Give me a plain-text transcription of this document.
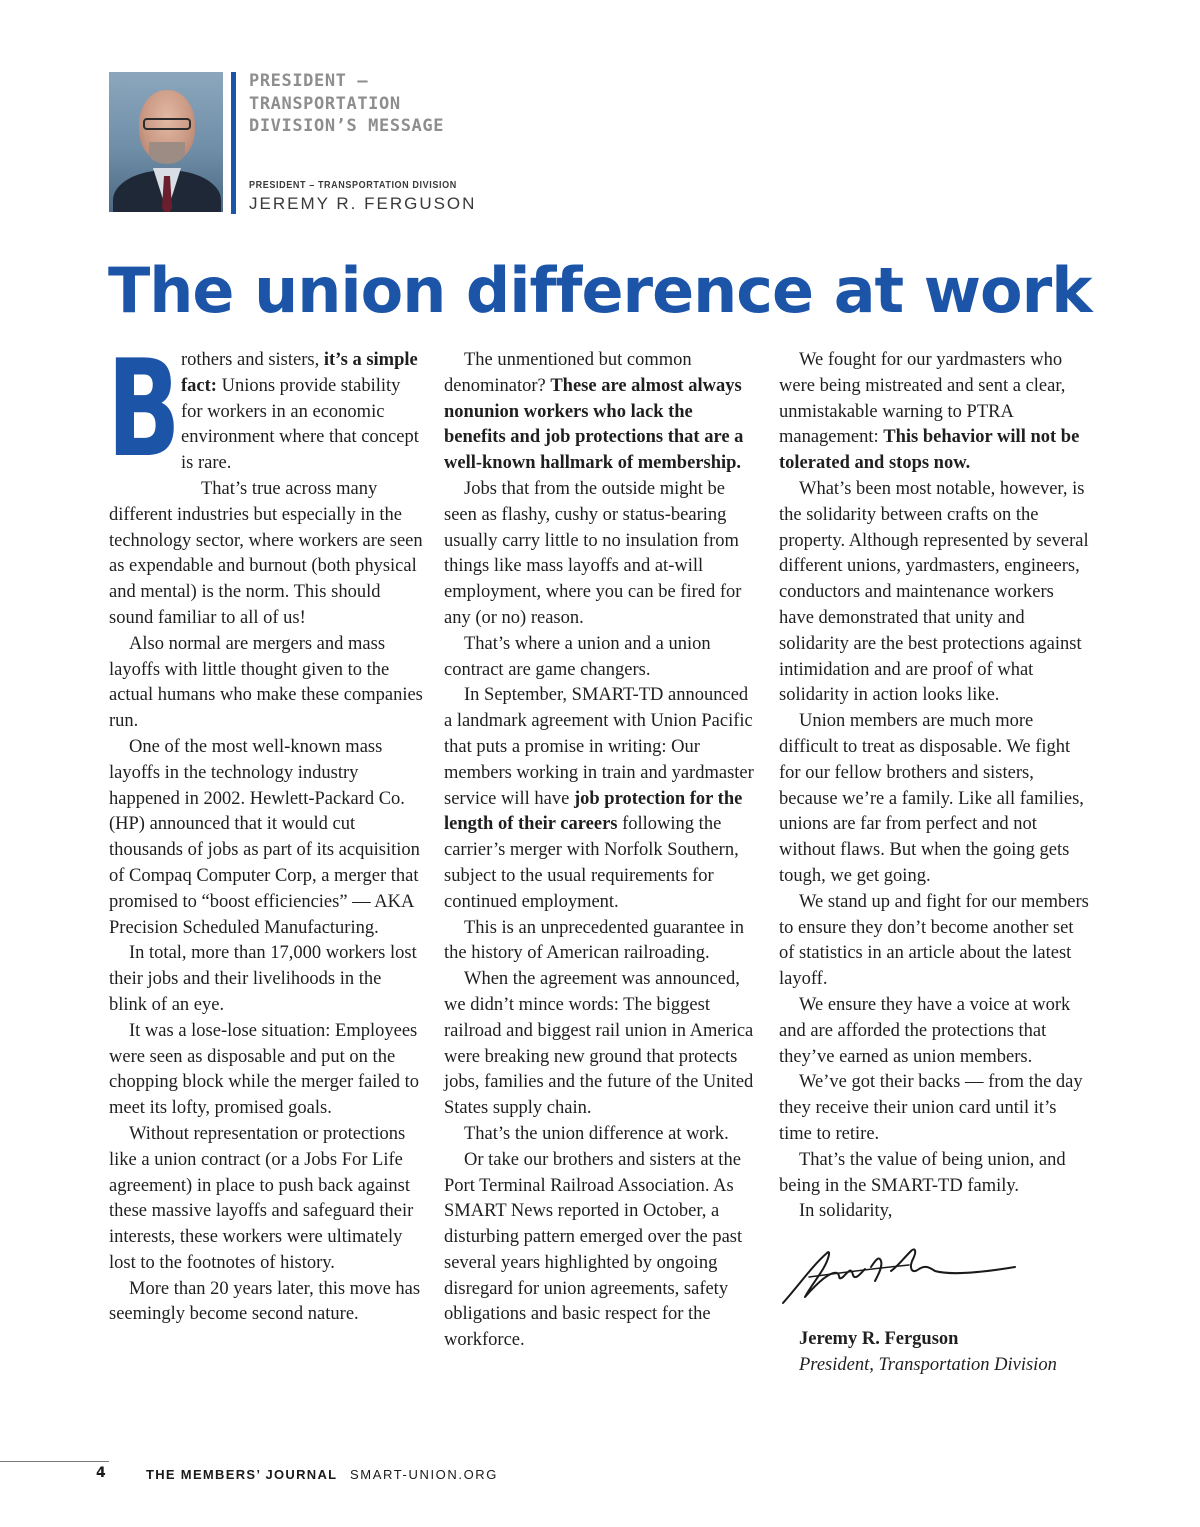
PRESIDENT – TRANSPORTATION DIVISION’S MESSAGE
PRESIDENT – TRANSPORTATION DIVISION
JEREMY R. FERGUSON
The union difference at work
B rothers and sisters, it’s a simple fact: Unions provide stability for workers in an economic environment where that concept is rare.

That’s true across many different industries but especially in the technology sector, where workers are seen as expendable and burnout (both physical and mental) is the norm. This should sound familiar to all of us!

Also normal are mergers and mass layoffs with little thought given to the actual humans who make these companies run.

One of the most well-known mass layoffs in the technology industry happened in 2002. Hewlett-Packard Co. (HP) announced that it would cut thousands of jobs as part of its acquisition of Compaq Computer Corp, a merger that promised to “boost efficiencies” — AKA Precision Scheduled Manufacturing.

In total, more than 17,000 workers lost their jobs and their livelihoods in the blink of an eye.

It was a lose-lose situation: Employees were seen as disposable and put on the chopping block while the merger failed to meet its lofty, promised goals.

Without representation or protections like a union contract (or a Jobs For Life agreement) in place to push back against these massive layoffs and safeguard their interests, these workers were ultimately lost to the footnotes of history.

More than 20 years later, this move has seemingly become second nature.

The unmentioned but common denominator? These are almost always nonunion workers who lack the benefits and job protections that are a well-known hallmark of membership.

Jobs that from the outside might be seen as flashy, cushy or status-bearing usually carry little to no insulation from things like mass layoffs and at-will employment, where you can be fired for any (or no) reason.

That’s where a union and a union contract are game changers.

In September, SMART-TD announced a landmark agreement with Union Pacific that puts a promise in writing: Our members working in train and yardmaster service will have job protection for the length of their careers following the carrier’s merger with Norfolk Southern, subject to the usual requirements for continued employment.

This is an unprecedented guarantee in the history of American railroading.

When the agreement was announced, we didn’t mince words: The biggest railroad and biggest rail union in America were breaking new ground that protects jobs, families and the future of the United States supply chain.

That’s the union difference at work.

Or take our brothers and sisters at the Port Terminal Railroad Association. As SMART News reported in October, a disturbing pattern emerged over the past several years highlighted by ongoing disregard for union agreements, safety obligations and basic respect for the workforce.

We fought for our yardmasters who were being mistreated and sent a clear, unmistakable warning to PTRA management: This behavior will not be tolerated and stops now.

What’s been most notable, however, is the solidarity between crafts on the property. Although represented by several different unions, yardmasters, engineers, conductors and maintenance workers have demonstrated that unity and solidarity are the best protections against intimidation and are proof of what solidarity in action looks like.

Union members are much more difficult to treat as disposable. We fight for our fellow brothers and sisters, because we’re a family. Like all families, unions are far from perfect and not without flaws. But when the going gets tough, we get going.

We stand up and fight for our members to ensure they don’t become another set of statistics in an article about the latest layoff.

We ensure they have a voice at work and are afforded the protections that they’ve earned as union members.

We’ve got their backs — from the day they receive their union card until it’s time to retire.

That’s the value of being union, and being in the SMART-TD family.

In solidarity,

Jeremy R. Ferguson

President, Transportation Division

4	THE MEMBERS’ JOURNAL SMART-UNION.ORG
